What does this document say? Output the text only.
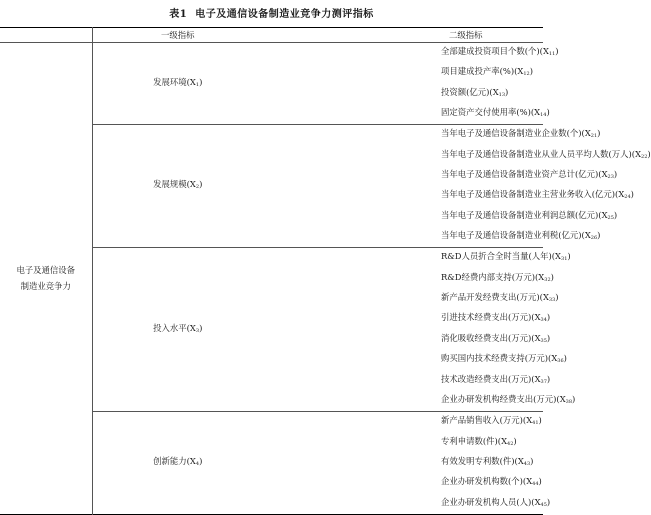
表1 电子及通信设备制造业竞争力测评指标
	一级指标	二级指标

电子及通信设备
制造业竞争力	发展环境$(X_1)$	全部建成投资项目个数(个)$(X_{11})$
		项目建成投产率$(\%)(X_{12})$
		投资额(亿元)$(X_{13})$
		固定资产交付使用率$(\%)(X_{14})$
	发展规模$(X_2)$	当年电子及通信设备制造业企业数(个)$(X_{21})$
		当年电子及通信设备制造业从业人员平均人数(万人)$(X_{22})$
		当年电子及通信设备制造业资产总计(亿元)$(X_{23})$
		当年电子及通信设备制造业主营业务收入(亿元)$(X_{24})$
		当年电子及通信设备制造业利润总额(亿元)$(X_{25})$
		当年电子及通信设备制造业利税(亿元)$(X_{26})$
	投入水平$(X_3)$	R&D人员折合全时当量(人年)$(X_{31})$
		R&D经费内部支持(万元)$(X_{32})$
		新产品开发经费支出(万元)$(X_{33})$
		引进技术经费支出(万元)$(X_{34})$
		消化吸收经费支出(万元)$(X_{35})$
		购买国内技术经费支持(万元)$(X_{36})$
		技术改造经费支出(万元)$(X_{37})$
		企业办研发机构经费支出(万元)$(X_{38})$
	创新能力$(X_4)$	新产品销售收入(万元)$(X_{41})$
		专利申请数(件)$(X_{42})$
		有效发明专利数(件)$(X_{43})$
		企业办研发机构数(个)$(X_{44})$
		企业办研发机构人员(人)$(X_{45})$
